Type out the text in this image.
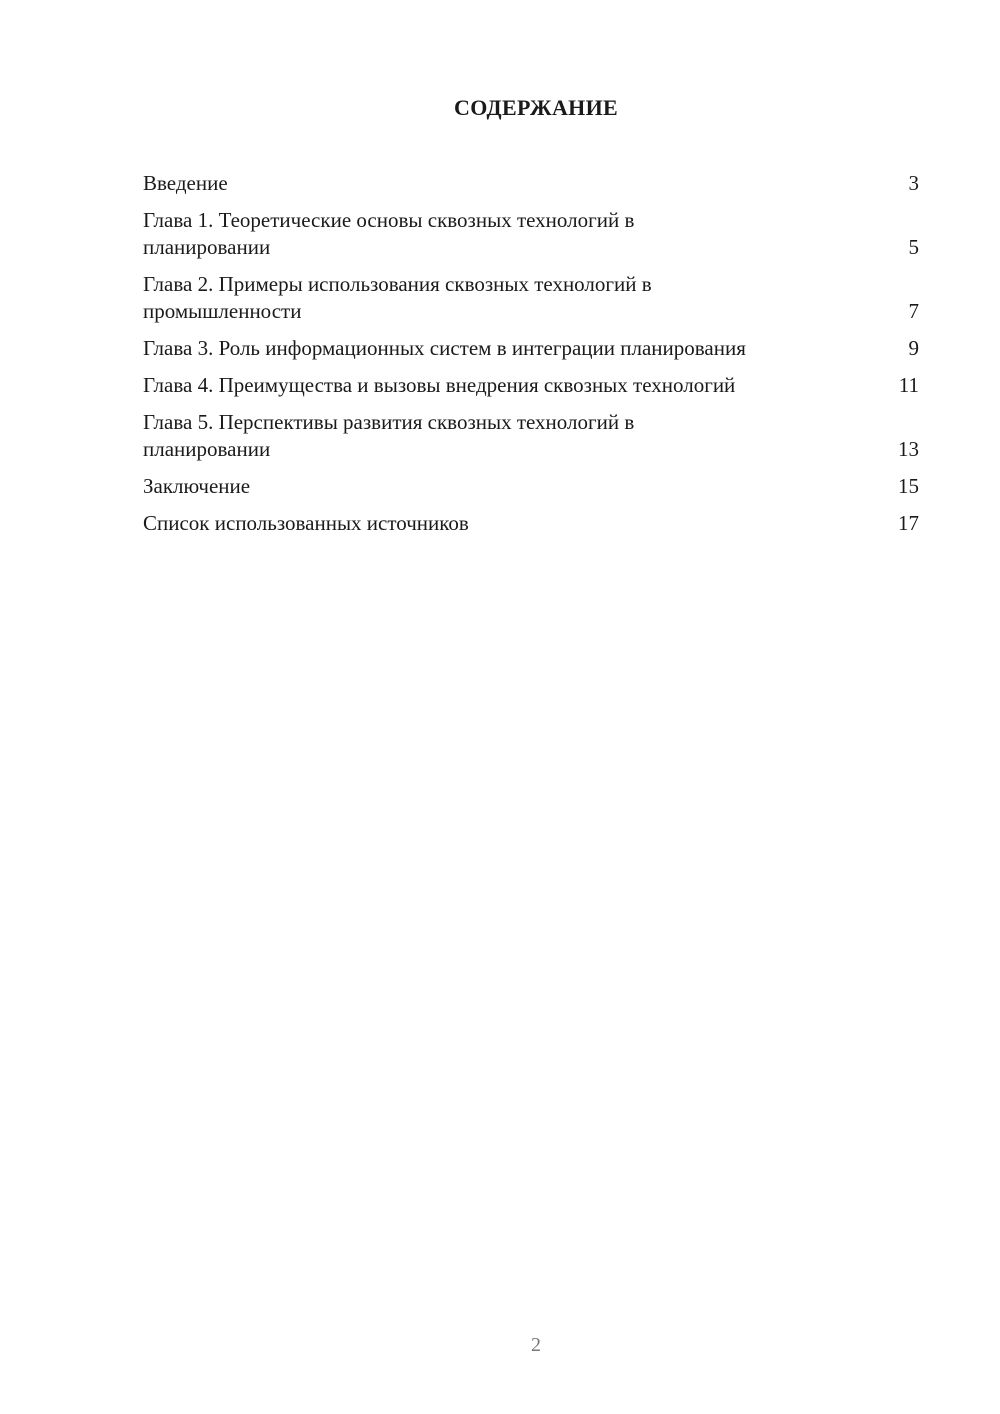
СОДЕРЖАНИЕ
Введение	3
Глава 1. Теоретические основы сквозных технологий в планировании	5
Глава 2. Примеры использования сквозных технологий в промышленности	7
Глава 3. Роль информационных систем в интеграции планирования	9
Глава 4. Преимущества и вызовы внедрения сквозных технологий	11
Глава 5. Перспективы развития сквозных технологий в планировании	13
Заключение	15
Список использованных источников	17
2
